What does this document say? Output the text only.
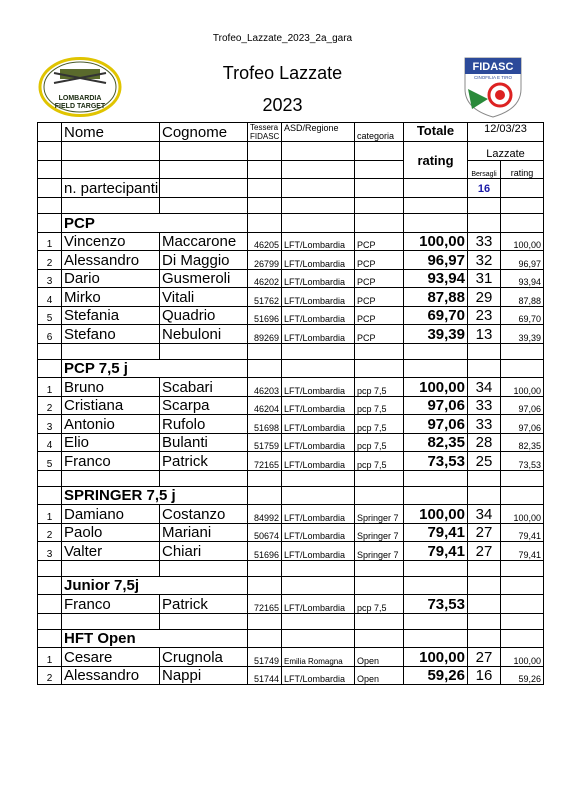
Trofeo_Lazzate_2023_2a_gara
LOMBARDIA
FIELD TARGET
Trofeo Lazzate
2023
FIDASC
CINOFILIA E TIRO
	Nome	Cognome	Tessera FIDASC	ASD/Regione	categoria	Totale	12/03/23	
						rating	Lazzate	
							Bersagli	rating
	n. partecipanti						16	

	PCP							
1	Vincenzo	Maccarone	46205	LFT/Lombardia	PCP	100,00	33	100,00
2	Alessandro	Di Maggio	26799	LFT/Lombardia	PCP	96,97	32	96,97
3	Dario	Gusmeroli	46202	LFT/Lombardia	PCP	93,94	31	93,94
4	Mirko	Vitali	51762	LFT/Lombardia	PCP	87,88	29	87,88
5	Stefania	Quadrio	51696	LFT/Lombardia	PCP	69,70	23	69,70
6	Stefano	Nebuloni	89269	LFT/Lombardia	PCP	39,39	13	39,39

	PCP 7,5 j							
1	Bruno	Scabari	46203	LFT/Lombardia	pcp 7,5	100,00	34	100,00
2	Cristiana	Scarpa	46204	LFT/Lombardia	pcp 7,5	97,06	33	97,06
3	Antonio	Rufolo	51698	LFT/Lombardia	pcp 7,5	97,06	33	97,06
4	Elio	Bulanti	51759	LFT/Lombardia	pcp 7,5	82,35	28	82,35
5	Franco	Patrick	72165	LFT/Lombardia	pcp 7,5	73,53	25	73,53

	SPRINGER 7,5 j							
1	Damiano	Costanzo	84992	LFT/Lombardia	Springer 7	100,00	34	100,00
2	Paolo	Mariani	50674	LFT/Lombardia	Springer 7	79,41	27	79,41
3	Valter	Chiari	51696	LFT/Lombardia	Springer 7	79,41	27	79,41

	Junior 7,5j							
	Franco	Patrick	72165	LFT/Lombardia	pcp 7,5	73,53		

	HFT Open							
1	Cesare	Crugnola	51749	Emilia Romagna	Open	100,00	27	100,00
2	Alessandro	Nappi	51744	LFT/Lombardia	Open	59,26	16	59,26
